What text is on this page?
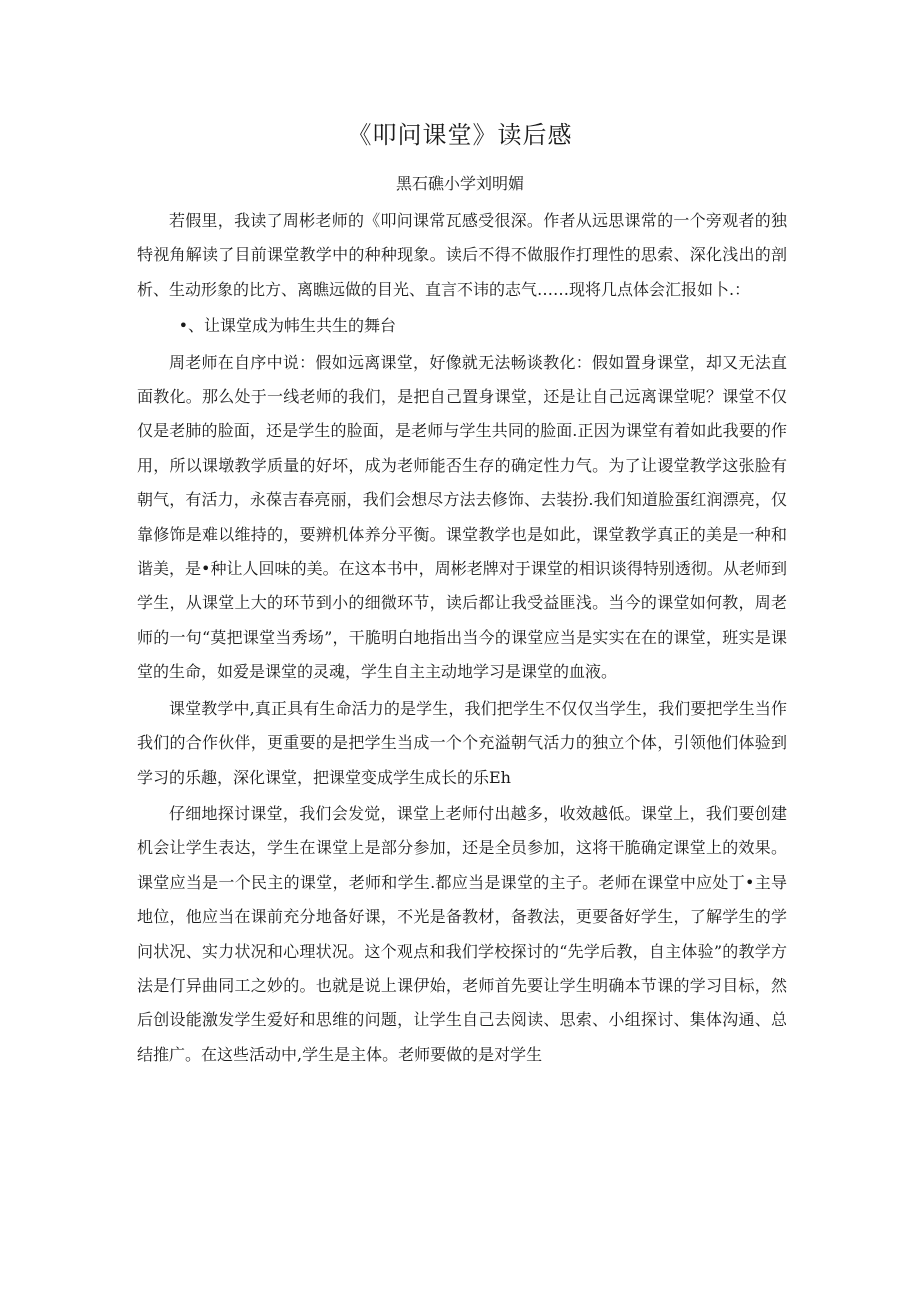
《叩问课堂》读后感
黑石礁小学刘明媚

若假里，我读了周彬老师的《叩问课常瓦感受很深。作者从远思课常的一个旁观者的独特视角解读了目前课堂教学中的种种现象。读后不得不做服作打理性的思索、深化浅出的剖析、生动形象的比方、离瞧远做的目光、直言不讳的志气……现将几点体会汇报如卜.：

•、让课堂成为帏生共生的舞台

周老师在自序中说：假如远离课堂，好像就无法畅谈教化：假如置身课堂，却又无法直面教化。那么处于一线老师的我们，是把自己置身课堂，还是让自己远离课堂呢？课堂不仅仅是老肺的脸面，还是学生的脸面，是老师与学生共同的脸面.正因为课堂有着如此我要的作用，所以课墩教学质量的好坏，成为老师能否生存的确定性力气。为了让谡堂教学这张脸有朝气，有活力，永葆吉春亮丽，我们会想尽方法去修饰、去装扮.我们知道脸蛋红润漂亮，仅靠修饰是难以维持的，要辨机体养分平衡。课堂教学也是如此，课堂教学真正的美是一种和谐美，是•种让人回味的美。在这本书中，周彬老牌对于课堂的相识谈得特别透彻。从老师到学生，从课堂上大的环节到小的细微环节，读后都让我受益匪浅。当今的课堂如何教，周老师的一句“莫把课堂当秀场”，干脆明白地指出当今的课堂应当是实实在在的课堂，班实是课堂的生命，如爱是课堂的灵魂，学生自主主动地学习是课堂的血液。

课堂教学中,真正具有生命活力的是学生，我们把学生不仅仅当学生，我们要把学生当作我们的合作伙伴，更重要的是把学生当成一个个充溢朝气活力的独立个体，引领他们体验到学习的乐趣，深化课堂，把课堂变成学生成长的乐Eh

仔细地探讨课堂，我们会发觉，课堂上老师付出越多，收效越低。课堂上，我们要创建机会让学生表达，学生在课堂上是部分参加，还是全员参加，这将干脆确定课堂上的效果。课堂应当是一个民主的课堂，老师和学生.都应当是课堂的主子。老师在课堂中应处丁•主导地位，他应当在课前充分地备好课，不光是备教材，备教法，更要备好学生，了解学生的学问状况、实力状况和心理状况。这个观点和我们学校探讨的“先学后教，自主体验”的教学方法是仃异曲同工之妙的。也就是说上课伊始，老师首先要让学生明确本节课的学习目标，然后创设能激发学生爱好和思维的问题，让学生自己去阅读、思索、小组探讨、集体沟通、总结推广。在这些活动中,学生是主体。老师要做的是对学生
